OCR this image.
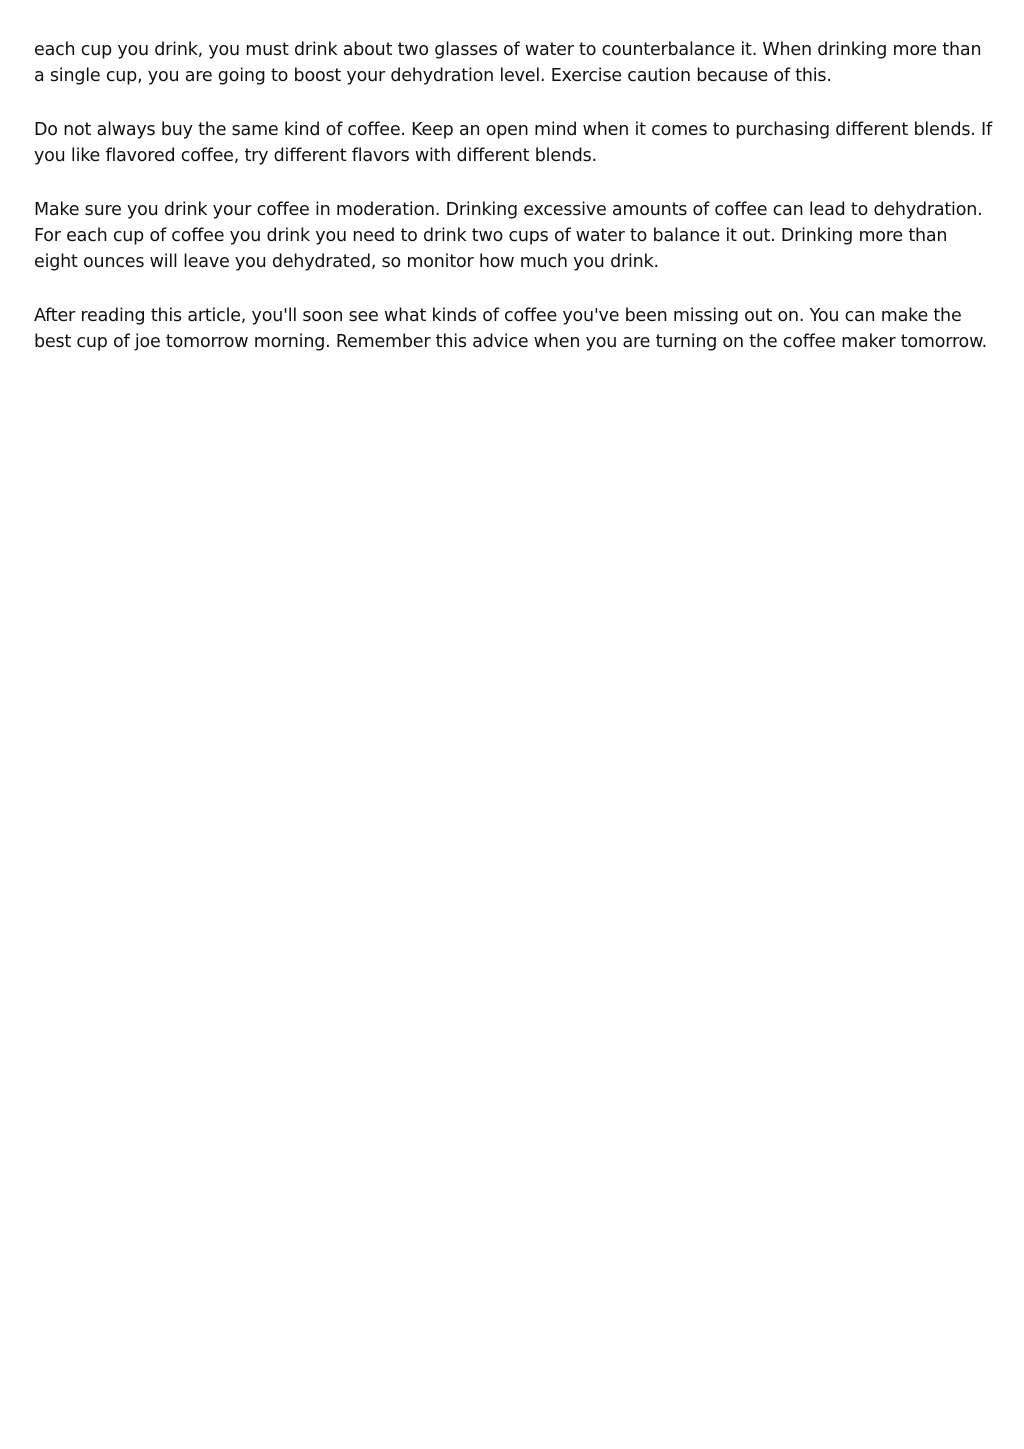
each cup you drink, you must drink about two glasses of water to counterbalance it. When drinking more than a single cup, you are going to boost your dehydration level. Exercise caution because of this.

Do not always buy the same kind of coffee. Keep an open mind when it comes to purchasing different blends. If you like flavored coffee, try different flavors with different blends.

Make sure you drink your coffee in moderation. Drinking excessive amounts of coffee can lead to dehydration. For each cup of coffee you drink you need to drink two cups of water to balance it out. Drinking more than eight ounces will leave you dehydrated, so monitor how much you drink.

After reading this article, you'll soon see what kinds of coffee you've been missing out on. You can make the best cup of joe tomorrow morning. Remember this advice when you are turning on the coffee maker tomorrow.
